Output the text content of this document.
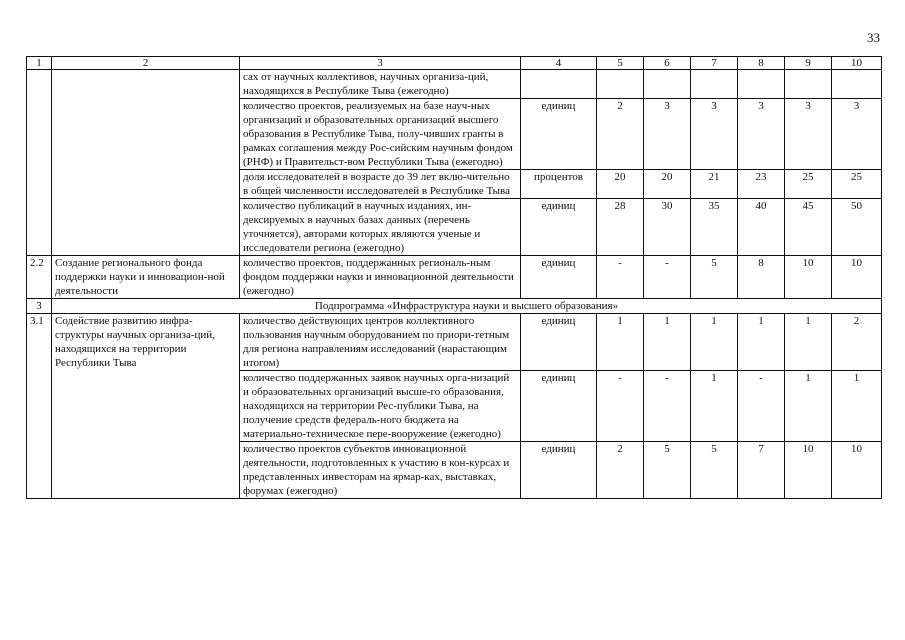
33
1	2	3	4	5	6	7	8	9	10
		сах от научных коллективов, научных организа-ций, находящихся в Республике Тыва (ежегодно)							
		количество проектов, реализуемых на базе науч-ных организаций и образовательных организаций высшего образования в Республике Тыва, полу-чивших гранты в рамках соглашения между Рос-сийским научным фондом (РНФ) и Правительст-вом Республики Тыва (ежегодно)	единиц	2	3	3	3	3	3
		доля исследователей в возрасте до 39 лет вклю-чительно в общей численности исследователей в Республике Тыва	процентов	20	20	21	23	25	25
		количество публикаций в научных изданиях, ин-дексируемых в научных базах данных (перечень уточняется), авторами которых являются ученые и исследователи региона (ежегодно)	единиц	28	30	35	40	45	50
2.2	Создание регионального фонда поддержки науки и инновацион-ной деятельности	количество проектов, поддержанных региональ-ным фондом поддержки науки и инновационной деятельности (ежегодно)	единиц	-	-	5	8	10	10
3	Подпрограмма «Инфраструктура науки и высшего образования»								
3.1	Содействие развитию инфра-структуры научных организа-ций, находящихся на территории Республики Тыва	количество действующих центров коллективного пользования научным оборудованием по приори-тетным для региона направлениям исследований (нарастающим итогом)	единиц	1	1	1	1	1	2
		количество поддержанных заявок научных орга-низаций и образовательных организаций высше-го образования, находящихся на территории Рес-публики Тыва, на получение средств федераль-ного бюджета на материально-техническое пере-вооружение (ежегодно)	единиц	-	-	1	-	1	1
		количество проектов субъектов инновационной деятельности, подготовленных к участию в кон-курсах и представленных инвесторам на ярмар-ках, выставках, форумах (ежегодно)	единиц	2	5	5	7	10	10
